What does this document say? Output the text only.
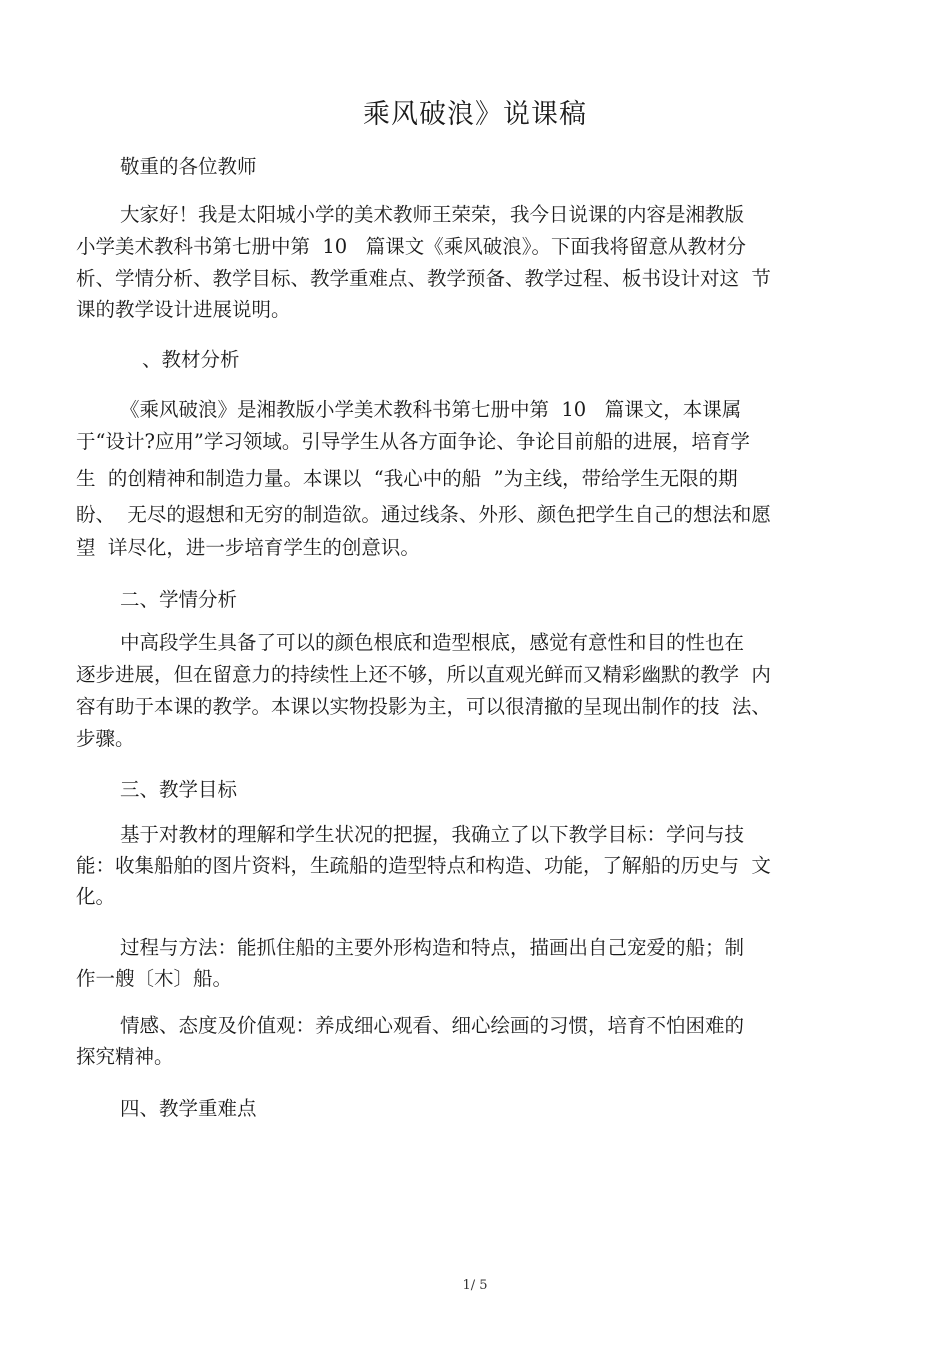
乘风破浪》说课稿
敬重的各位教师
大家好！我是太阳城小学的美术教师王荣荣，我今日说课的内容是湘教版
小学美术教科书第七册中第  10   篇课文《乘风破浪》。下面我将留意从教材分
析、学情分析、教学目标、教学重难点、教学预备、教学过程、板书设计对这  节
课的教学设计进展说明。
、教材分析
《乘风破浪》是湘教版小学美术教科书第七册中第  10   篇课文，本课属
于“设计?应用”学习领域。引导学生从各方面争论、争论目前船的进展，培育学
生  的创精神和制造力量。本课以  “我心中的船  ”为主线，带给学生无限的期
盼、  无尽的遐想和无穷的制造欲。通过线条、外形、颜色把学生自己的想法和愿
望  详尽化，进一步培育学生的创意识。
二、学情分析
中高段学生具备了可以的颜色根底和造型根底，感觉有意性和目的性也在
逐步进展，但在留意力的持续性上还不够，所以直观光鲜而又精彩幽默的教学  内
容有助于本课的教学。本课以实物投影为主，可以很清撤的呈现出制作的技  法、
步骤。
三、教学目标
基于对教材的理解和学生状况的把握，我确立了以下教学目标：学问与技
能：收集船舶的图片资料，生疏船的造型特点和构造、功能，了解船的历史与  文
化。
过程与方法：能抓住船的主要外形构造和特点，描画出自己宠爱的船；制
作一艘〔木〕船。
情感、态度及价值观：养成细心观看、细心绘画的习惯，培育不怕困难的
探究精神。
四、教学重难点
1/ 5
